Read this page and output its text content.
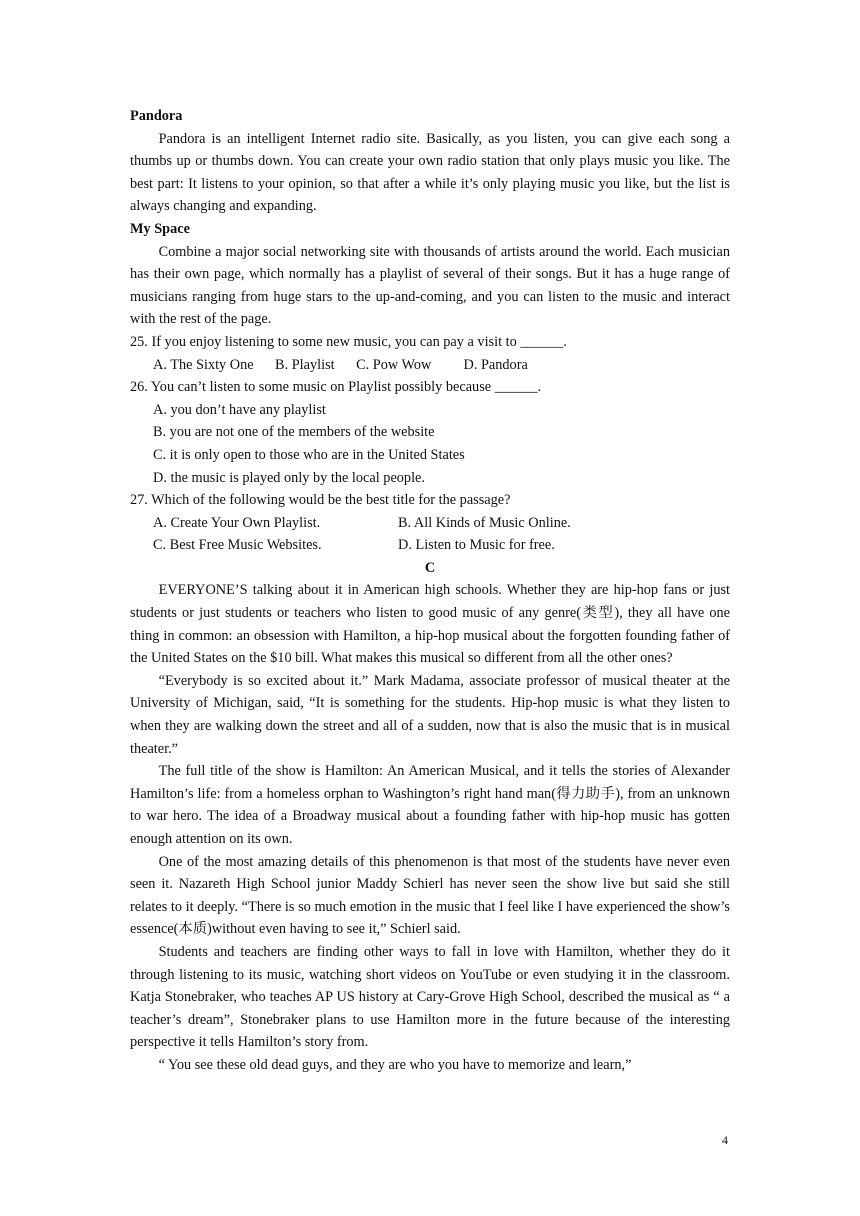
Pandora

Pandora is an intelligent Internet radio site. Basically, as you listen, you can give each song a thumbs up or thumbs down. You can create your own radio station that only plays music you like. The best part: It listens to your opinion, so that after a while it’s only playing music you like, but the list is always changing and expanding.

My Space

Combine a major social networking site with thousands of artists around the world. Each musician has their own page, which normally has a playlist of several of their songs. But it has a huge range of musicians ranging from huge stars to the up-and-coming, and you can listen to the music and interact with the rest of the page.

25. If you enjoy listening to some new music, you can pay a visit to ______.

A. The Sixty One      B. Playlist      C. Pow Wow         D. Pandora

26. You can’t listen to some music on Playlist possibly because ______.

A. you don’t have any playlist

B. you are not one of the members of the website

C. it is only open to those who are in the United States

D. the music is played only by the local people.

27. Which of the following would be the best title for the passage?

A. Create Your Own Playlist.	B. All Kinds of Music Online.
C. Best Free Music Websites.	D. Listen to Music for free.

C

EVERYONE’S talking about it in American high schools. Whether they are hip-hop fans or just students or just students or teachers who listen to good music of any genre(类型), they all have one thing in common: an obsession with Hamilton, a hip-hop musical about the forgotten founding father of the United States on the $10 bill. What makes this musical so different from all the other ones?

“Everybody is so excited about it.” Mark Madama, associate professor of musical theater at the University of Michigan, said, “It is something for the students. Hip-hop music is what they listen to when they are walking down the street and all of a sudden, now that is also the music that is in musical theater.”

The full title of the show is Hamilton: An American Musical, and it tells the stories of Alexander Hamilton’s life: from a homeless orphan to Washington’s right hand man(得力助手), from an unknown to war hero. The idea of a Broadway musical about a founding father with hip-hop music has gotten enough attention on its own.

One of the most amazing details of this phenomenon is that most of the students have never even seen it. Nazareth High School junior Maddy Schierl has never seen the show live but said she still relates to it deeply. “There is so much emotion in the music that I feel like I have experienced the show’s essence(本质)without even having to see it,” Schierl said.

Students and teachers are finding other ways to fall in love with Hamilton, whether they do it through listening to its music, watching short videos on YouTube or even studying it in the classroom. Katja Stonebraker, who teaches AP US history at Cary-Grove High School, described the musical as “ a teacher’s dream”, Stonebraker plans to use Hamilton more in the future because of the interesting perspective it tells Hamilton’s story from.

“ You see these old dead guys, and they are who you have to memorize and learn,”

4
